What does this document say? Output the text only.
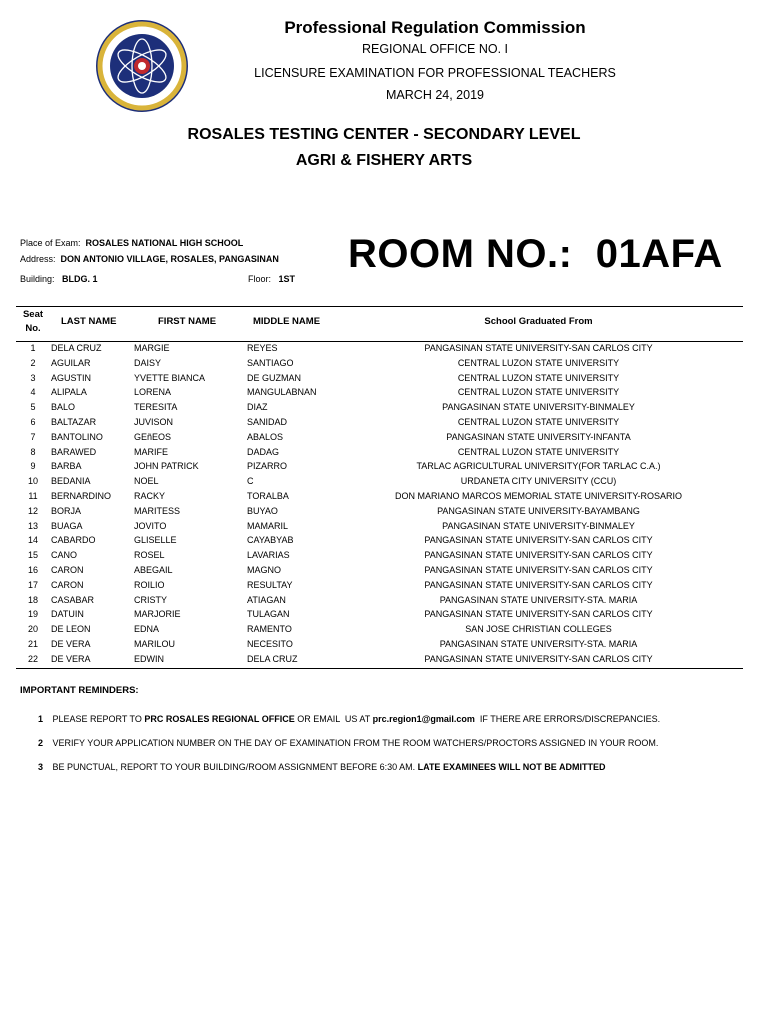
Professional Regulation Commission
REGIONAL OFFICE NO. I
LICENSURE EXAMINATION FOR PROFESSIONAL TEACHERS
MARCH 24, 2019
ROSALES TESTING CENTER - SECONDARY LEVEL
AGRI & FISHERY ARTS
Place of Exam: ROSALES NATIONAL HIGH SCHOOL
Address: DON ANTONIO VILLAGE, ROSALES, PANGASINAN
Building: BLDG. 1	Floor: 1ST
ROOM NO.:  01AFA
Seat
No.
LAST NAME	FIRST NAME	MIDDLE NAME	School Graduated From
1	DELA CRUZ	MARGIE	REYES	PANGASINAN STATE UNIVERSITY-SAN CARLOS CITY
2	AGUILAR	DAISY	SANTIAGO	CENTRAL LUZON STATE UNIVERSITY
3	AGUSTIN	YVETTE BIANCA	DE GUZMAN	CENTRAL LUZON STATE UNIVERSITY
4	ALIPALA	LORENA	MANGULABNAN	CENTRAL LUZON STATE UNIVERSITY
5	BALO	TERESITA	DIAZ	PANGASINAN STATE UNIVERSITY-BINMALEY
6	BALTAZAR	JUVISON	SANIDAD	CENTRAL LUZON STATE UNIVERSITY
7	BANTOLINO	GEñEOS	ABALOS	PANGASINAN STATE UNIVERSITY-INFANTA
8	BARAWED	MARIFE	DADAG	CENTRAL LUZON STATE UNIVERSITY
9	BARBA	JOHN PATRICK	PIZARRO	TARLAC AGRICULTURAL UNIVERSITY(FOR TARLAC C.A.)
10	BEDANIA	NOEL	C	URDANETA CITY UNIVERSITY (CCU)
11	BERNARDINO	RACKY	TORALBA	DON MARIANO MARCOS MEMORIAL STATE UNIVERSITY-ROSARIO
12	BORJA	MARITESS	BUYAO	PANGASINAN STATE UNIVERSITY-BAYAMBANG
13	BUAGA	JOVITO	MAMARIL	PANGASINAN STATE UNIVERSITY-BINMALEY
14	CABARDO	GLISELLE	CAYABYAB	PANGASINAN STATE UNIVERSITY-SAN CARLOS CITY
15	CANO	ROSEL	LAVARIAS	PANGASINAN STATE UNIVERSITY-SAN CARLOS CITY
16	CARON	ABEGAIL	MAGNO	PANGASINAN STATE UNIVERSITY-SAN CARLOS CITY
17	CARON	ROILIO	RESULTAY	PANGASINAN STATE UNIVERSITY-SAN CARLOS CITY
18	CASABAR	CRISTY	ATIAGAN	PANGASINAN STATE UNIVERSITY-STA. MARIA
19	DATUIN	MARJORIE	TULAGAN	PANGASINAN STATE UNIVERSITY-SAN CARLOS CITY
20	DE LEON	EDNA	RAMENTO	SAN JOSE CHRISTIAN COLLEGES
21	DE VERA	MARILOU	NECESITO	PANGASINAN STATE UNIVERSITY-STA. MARIA
22	DE VERA	EDWIN	DELA CRUZ	PANGASINAN STATE UNIVERSITY-SAN CARLOS CITY
IMPORTANT REMINDERS:
1 PLEASE REPORT TO PRC ROSALES REGIONAL OFFICE OR EMAIL  US AT prc.region1@gmail.com  IF THERE ARE ERRORS/DISCREPANCIES.
2 VERIFY YOUR APPLICATION NUMBER ON THE DAY OF EXAMINATION FROM THE ROOM WATCHERS/PROCTORS ASSIGNED IN YOUR ROOM.
3 BE PUNCTUAL, REPORT TO YOUR BUILDING/ROOM ASSIGNMENT BEFORE 6:30 AM. LATE EXAMINEES WILL NOT BE ADMITTED
